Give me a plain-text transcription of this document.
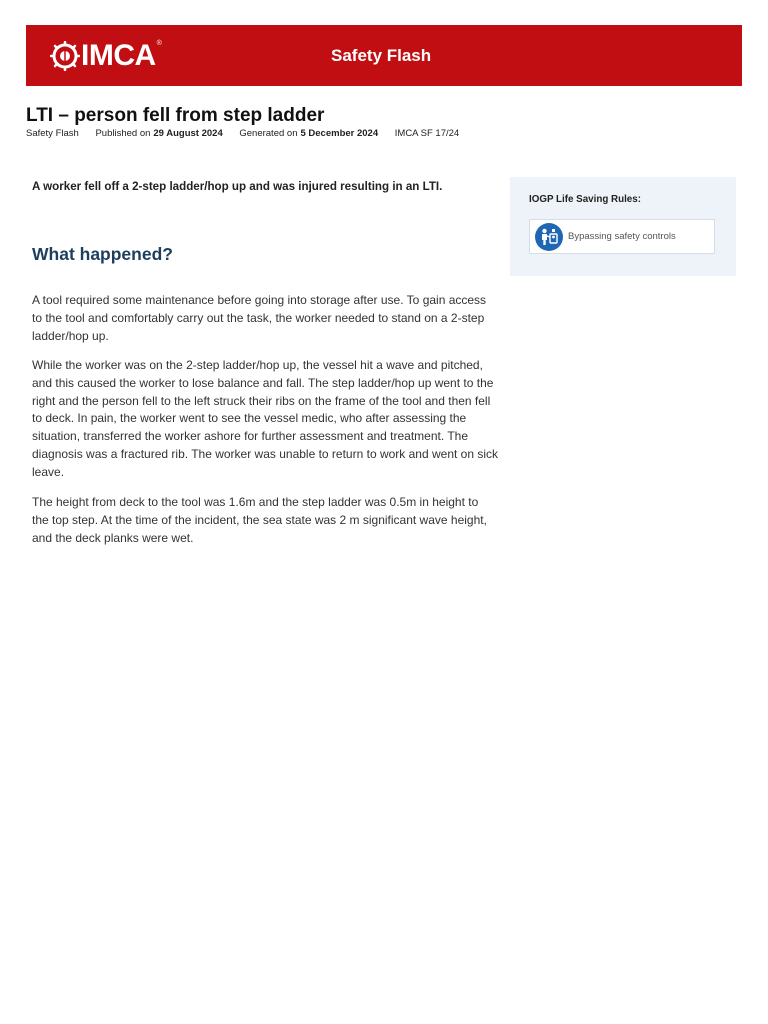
IMCA ®
Safety Flash
LTI – person fell from step ladder
Safety Flash Published on 29 August 2024 Generated on 5 December 2024 IMCA SF 17/24

A worker fell off a 2-step ladder/hop up and was injured resulting in an LTI.

What happened?

A tool required some maintenance before going into storage after use. To gain access to the tool and comfortably carry out the task, the worker needed to stand on a 2-step ladder/hop up.

While the worker was on the 2-step ladder/hop up, the vessel hit a wave and pitched, and this caused the worker to lose balance and fall. The step ladder/hop up went to the right and the person fell to the left struck their ribs on the frame of the tool and then fell to deck. In pain, the worker went to see the vessel medic, who after assessing the situation, transferred the worker ashore for further assessment and treatment. The diagnosis was a fractured rib. The worker was unable to return to work and went on sick leave.

The height from deck to the tool was 1.6m and the step ladder was 0.5m in height to the top step. At the time of the incident, the sea state was 2 m significant wave height, and the deck planks were wet.

IOGP Life Saving Rules:
Bypassing safety controls
